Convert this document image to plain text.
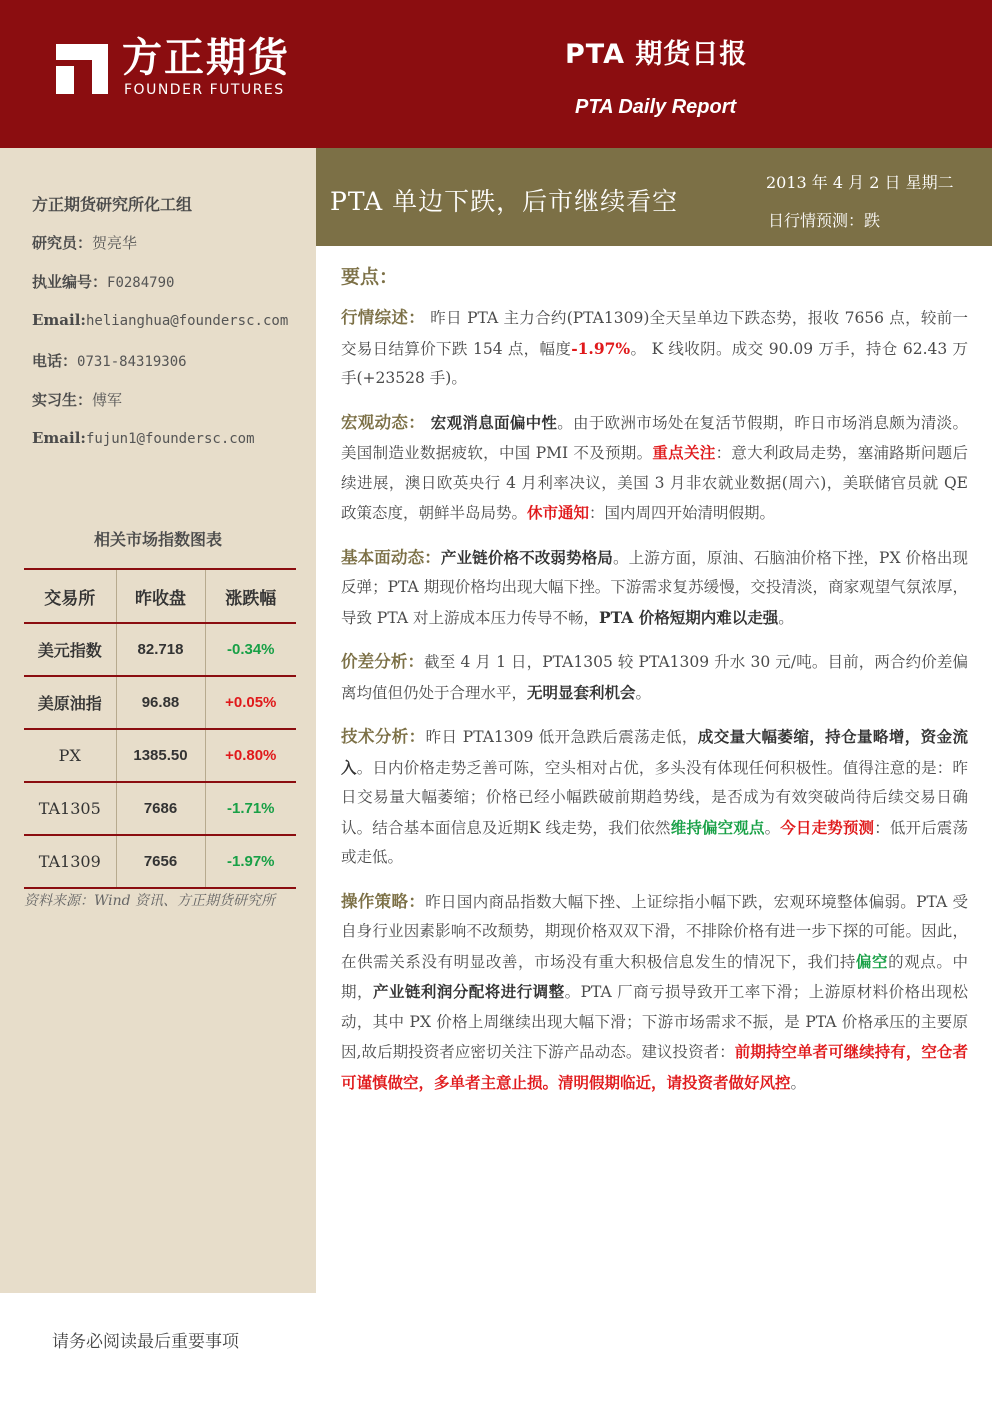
方正期货
FOUNDER FUTURES
PTA 期货日报
PTA Daily Report
PTA 单边下跌，后市继续看空
2013 年 4 月 2 日 星期二
日行情预测：跌
方正期货研究所化工组
研究员：贺亮华
执业编号：F0284790
Email:helianghua@foundersc.com
电话：0731-84319306
实习生：傅军
Email:fujun1@foundersc.com
相关市场指数图表
交易所	昨收盘	涨跌幅
美元指数	82.718	-0.34%
美原油指	96.88	+0.05%
PX	1385.50	+0.80%
TA1305	7686	-1.71%
TA1309	7656	-1.97%
资料来源：Wind 资讯、方正期货研究所
要点：

行情综述： 昨日 PTA 主力合约(PTA1309)全天呈单边下跌态势，报收 7656 点，较前一交易日结算价下跌 154 点，幅度-1.97%。 K 线收阴。成交 90.09 万手，持仓 62.43 万手(+23528 手)。

宏观动态： 宏观消息面偏中性。由于欧洲市场处在复活节假期，昨日市场消息颇为清淡。美国制造业数据疲软，中国 PMI 不及预期。重点关注：意大利政局走势，塞浦路斯问题后续进展，澳日欧英央行 4 月利率决议，美国 3 月非农就业数据(周六)，美联储官员就 QE 政策态度，朝鲜半岛局势。休市通知：国内周四开始清明假期。

基本面动态：产业链价格不改弱势格局。上游方面，原油、石脑油价格下挫，PX 价格出现反弹；PTA 期现价格均出现大幅下挫。下游需求复苏缓慢，交投清淡，商家观望气氛浓厚，导致 PTA 对上游成本压力传导不畅，PTA 价格短期内难以走强。

价差分析：截至 4 月 1 日，PTA1305 较 PTA1309 升水 30 元/吨。目前，两合约价差偏离均值但仍处于合理水平，无明显套利机会。

技术分析：昨日 PTA1309 低开急跌后震荡走低，成交量大幅萎缩，持仓量略增，资金流入。日内价格走势乏善可陈，空头相对占优，多头没有体现任何积极性。值得注意的是：昨日交易量大幅萎缩；价格已经小幅跌破前期趋势线，是否成为有效突破尚待后续交易日确认。结合基本面信息及近期K 线走势，我们依然维持偏空观点。今日走势预测：低开后震荡或走低。

操作策略：昨日国内商品指数大幅下挫、上证综指小幅下跌，宏观环境整体偏弱。PTA 受自身行业因素影响不改颓势，期现价格双双下滑，不排除价格有进一步下探的可能。因此，在供需关系没有明显改善，市场没有重大积极信息发生的情况下，我们持偏空的观点。中期，产业链利润分配将进行调整。PTA 厂商亏损导致开工率下滑；上游原材料价格出现松动，其中 PX 价格上周继续出现大幅下滑；下游市场需求不振，是 PTA 价格承压的主要原因,故后期投资者应密切关注下游产品动态。建议投资者：前期持空单者可继续持有，空仓者可谨慎做空，多单者主意止损。清明假期临近，请投资者做好风控。

请务必阅读最后重要事项
